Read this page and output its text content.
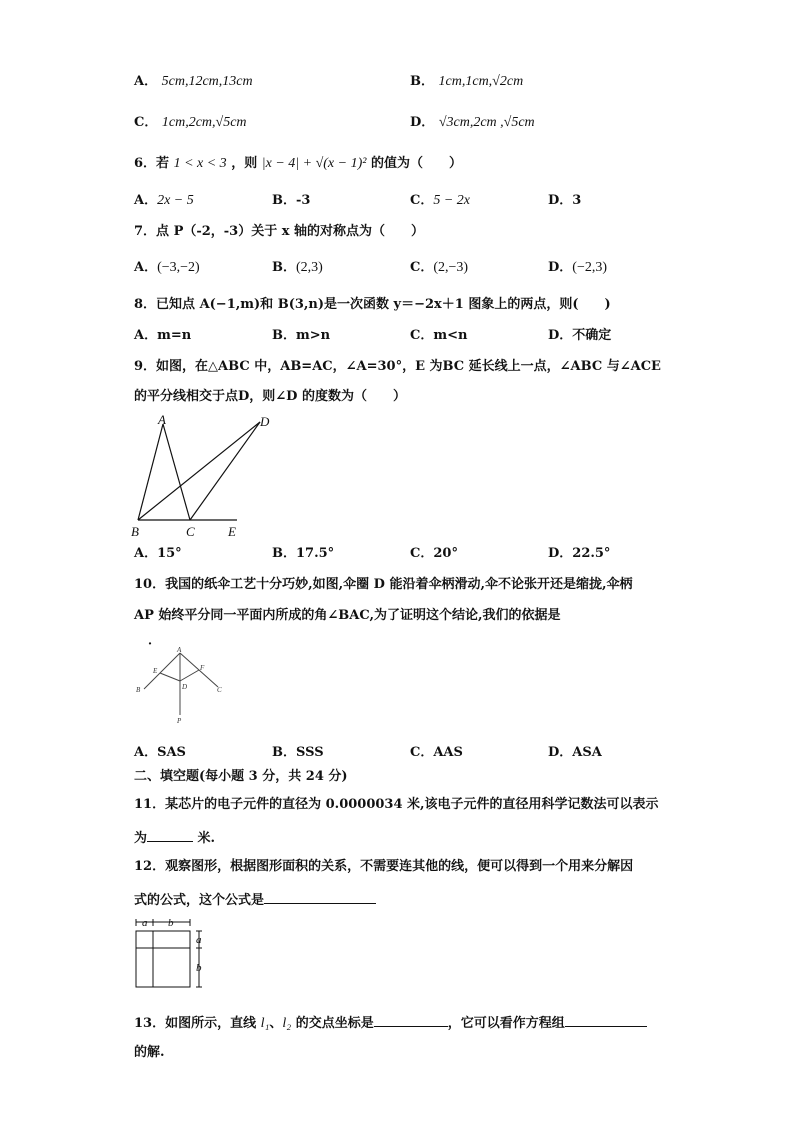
A． 5cm,12cm,13cm	B． 1cm,1cm,√2cm
C． 1cm,2cm,√5cm	D． √3cm,2cm ,√5cm
6．若 1 < x < 3 ，则 |x − 4| + √(x − 1)² 的值为（　　）
A．2x − 5	B．-3	C．5 − 2x	D．3
7．点 P（-2，-3）关于 x 轴的对称点为（　　）
A．(−3,−2)	B．(2,3)	C．(2,−3)	D．(−2,3)
8．已知点 A(−1,m)和 B(3,n)是一次函数 y＝−2x＋1 图象上的两点，则(　　)
A．m=n	B．m>n	C．m<n	D．不确定
9．如图，在△ABC 中，AB=AC，∠A=30°，E 为BC 延长线上一点，∠ABC 与∠ACE
的平分线相交于点D，则∠D 的度数为（　　）
A	D
B	C	E
A．15°	B．17.5°	C．20°	D．22.5°
10．我国的纸伞工艺十分巧妙,如图,伞圈 D 能沿着伞柄滑动,伞不论张开还是缩拢,伞柄
AP 始终平分同一平面内所成的角∠BAC,为了证明这个结论,我们的依据是
．
A
E	F
B	C
D
P
A．SAS	B．SSS	C．AAS	D．ASA
二、填空题(每小题 3 分，共 24 分)
11．某芯片的电子元件的直径为 0.0000034 米,该电子元件的直径用科学记数法可以表示
为	米.
12．观察图形，根据图形面积的关系，不需要连其他的线，便可以得到一个用来分解因
式的公式，这个公式是
a b
a
b
13．如图所示，直线 l₁、l₂ 的交点坐标是	，它可以看作方程组
的解.
